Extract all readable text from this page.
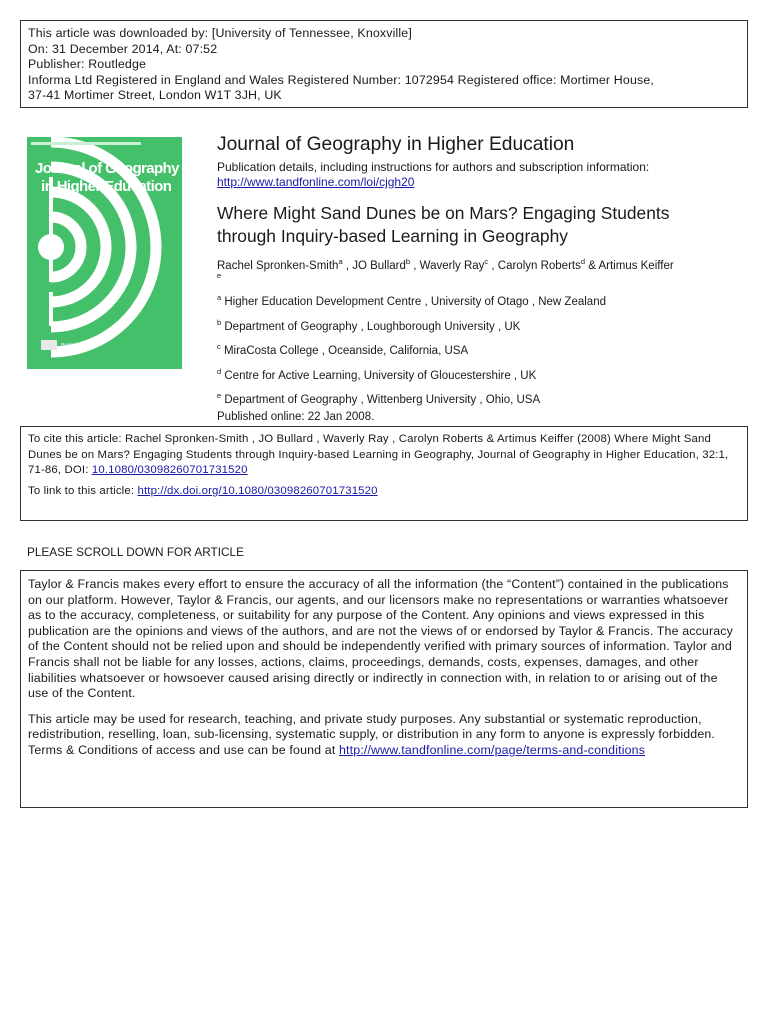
This article was downloaded by: [University of Tennessee, Knoxville]
On: 31 December 2014, At: 07:52
Publisher: Routledge
Informa Ltd Registered in England and Wales Registered Number: 1072954 Registered office: Mortimer House,
37-41 Mortimer Street, London W1T 3JH, UK
Journal of Geography
in Higher Education
Routledge
Journal of Geography in Higher Education
Publication details, including instructions for authors and subscription information:
http://www.tandfonline.com/loi/cjgh20
Where Might Sand Dunes be on Mars? Engaging Students
through Inquiry-based Learning in Geography
Rachel Spronken-Smith$^a$ , JO Bullard$^b$ , Waverly Ray$^c$ , Carolyn Roberts$^d$ & Artimus Keiffer
e
$^a$ Higher Education Development Centre , University of Otago , New Zealand
$^b$ Department of Geography , Loughborough University , UK
$^c$ MiraCosta College , Oceanside, California, USA
$^d$ Centre for Active Learning, University of Gloucestershire , UK
$^e$ Department of Geography , Wittenberg University , Ohio, USA
Published online: 22 Jan 2008.
To cite this article: Rachel Spronken-Smith , JO Bullard , Waverly Ray , Carolyn Roberts & Artimus Keiffer (2008) Where Might Sand Dunes be on Mars? Engaging Students through Inquiry-based Learning in Geography, Journal of Geography in Higher Education, 32:1, 71-86, DOI: 10.1080/03098260701731520
To link to this article: http://dx.doi.org/10.1080/03098260701731520
PLEASE SCROLL DOWN FOR ARTICLE

Taylor & Francis makes every effort to ensure the accuracy of all the information (the “Content”) contained in the publications on our platform. However, Taylor & Francis, our agents, and our licensors make no representations or warranties whatsoever as to the accuracy, completeness, or suitability for any purpose of the Content. Any opinions and views expressed in this publication are the opinions and views of the authors, and are not the views of or endorsed by Taylor & Francis. The accuracy of the Content should not be relied upon and should be independently verified with primary sources of information. Taylor and Francis shall not be liable for any losses, actions, claims, proceedings, demands, costs, expenses, damages, and other liabilities whatsoever or howsoever caused arising directly or indirectly in connection with, in relation to or arising out of the use of the Content.

This article may be used for research, teaching, and private study purposes. Any substantial or systematic reproduction, redistribution, reselling, loan, sub-licensing, systematic supply, or distribution in any form to anyone is expressly forbidden. Terms & Conditions of access and use can be found at http://www.tandfonline.com/page/terms-and-conditions
